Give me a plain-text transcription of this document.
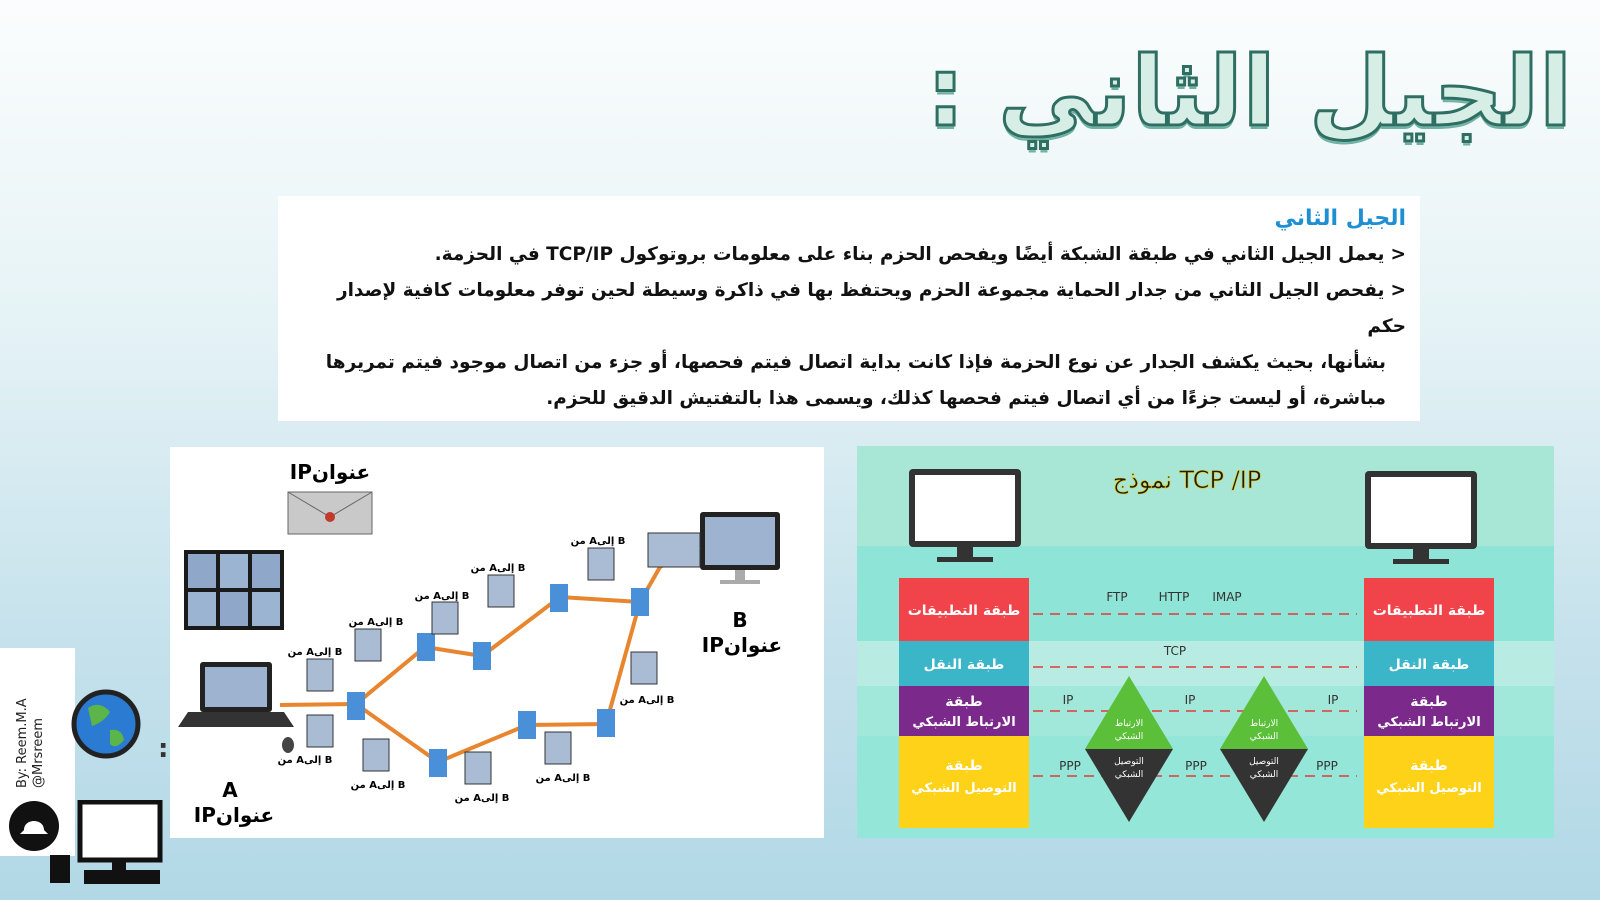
الجيل الثاني :
الجيل الثاني
<يعمل الجيل الثاني في طبقة الشبكة أيضًا ويفحص الحزم بناء على معلومات بروتوكول TCP/IP في الحزمة.
<يفحص الجيل الثاني من جدار الحماية مجموعة الحزم ويحتفظ بها في ذاكرة وسيطة لحين توفر معلومات كافية لإصدار حكم
بشأنها، بحيث يكشف الجدار عن نوع الحزمة فإذا كانت بداية اتصال فيتم فحصها، أو جزء من اتصال موجود فيتم تمريرها
مباشرة، أو ليست جزءًا من أي اتصال فيتم فحصها كذلك، ويسمى هذا بالتفتيش الدقيق للحزم.
IPعنوان
A
IPعنوان
B
IPعنوان
من Aإلى B
من Aإلى B
من Aإلى B
من Aإلى B
من Aإلى B
من Aإلى B
من Aإلى B
من Aإلى B
من Aإلى B
من Aإلى B
نموذج TCP /IP
طبقة التطبيقات
طبقة النقل
طبقة
الارتباط الشبكي
طبقة
التوصيل الشبكي
طبقة التطبيقات
طبقة النقل
طبقة
الارتباط الشبكي
طبقة
التوصيل الشبكي
FTP	HTTP IMAP
TCP
IP	IP	IP
PPP	PPP	PPP
الارتباط
الشبكي
التوصيل
الشبكي
الارتباط
الشبكي
التوصيل
الشبكي
By: Reem.M.A @Mrsreem	:
